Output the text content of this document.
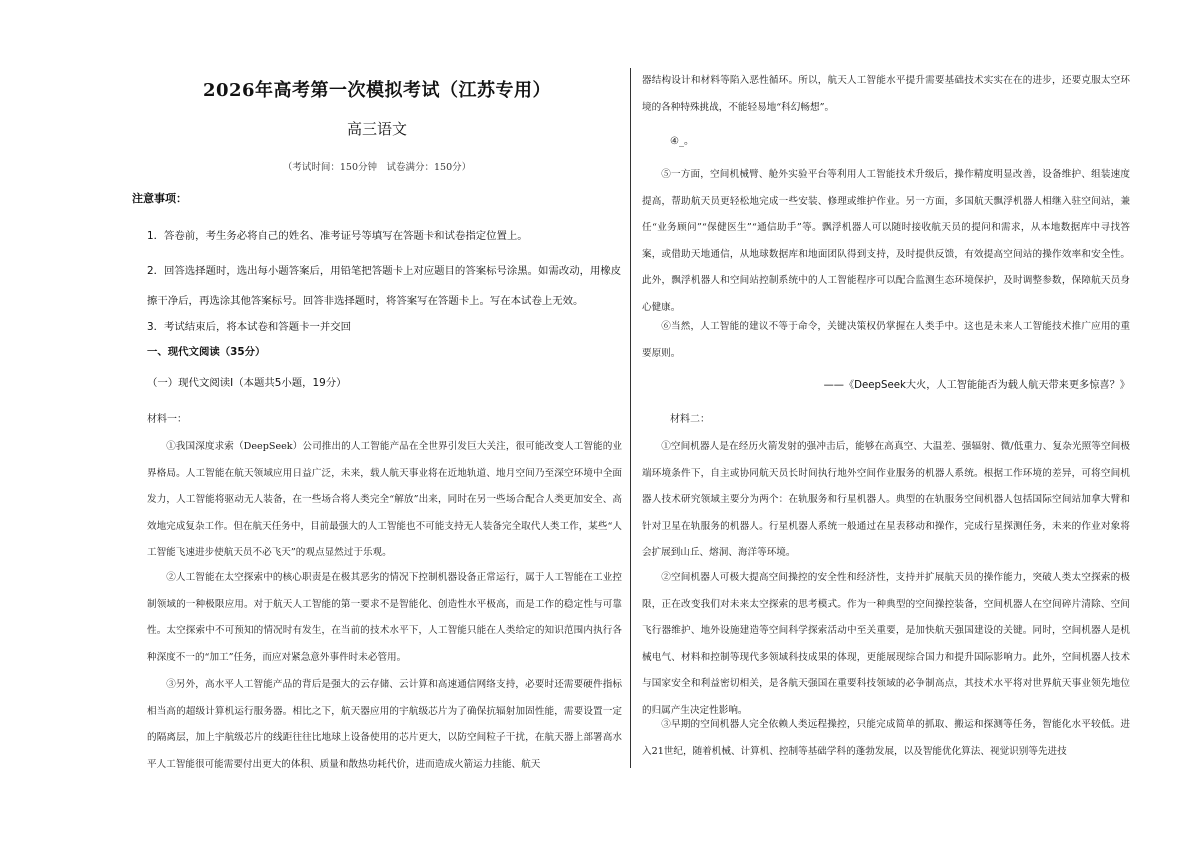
2026年高考第一次模拟考试（江苏专用）
高三语文
（考试时间：150分钟　试卷满分：150分）
注意事项：
1．答卷前，考生务必将自己的姓名、准考证号等填写在答题卡和试卷指定位置上。
2．回答选择题时，选出每小题答案后，用铅笔把答题卡上对应题目的答案标号涂黑。如需改动，用橡皮擦干净后，再选涂其他答案标号。回答非选择题时，将答案写在答题卡上。写在本试卷上无效。
3．考试结束后，将本试卷和答题卡一并交回
一、现代文阅读（35分）
（一）现代文阅读Ⅰ（本题共5小题，19分）
材料一：

①我国深度求索（DeepSeek）公司推出的人工智能产品在全世界引发巨大关注，很可能改变人工智能的业界格局。人工智能在航天领域应用日益广泛，未来，载人航天事业将在近地轨道、地月空间乃至深空环境中全面发力，人工智能将驱动无人装备，在一些场合将人类完全“解放”出来，同时在另一些场合配合人类更加安全、高效地完成复杂工作。但在航天任务中，目前最强大的人工智能也不可能支持无人装备完全取代人类工作，某些“人工智能飞速进步使航天员不必飞天”的观点显然过于乐观。

②人工智能在太空探索中的核心职责是在极其恶劣的情况下控制机器设备正常运行，属于人工智能在工业控制领域的一种极限应用。对于航天人工智能的第一要求不是智能化、创造性水平极高，而是工作的稳定性与可靠性。太空探索中不可预知的情况时有发生，在当前的技术水平下，人工智能只能在人类给定的知识范围内执行各种深度不一的“加工”任务，而应对紧急意外事件时未必管用。

③另外，高水平人工智能产品的背后是强大的云存储、云计算和高速通信网络支持，必要时还需要硬件指标相当高的超级计算机运行服务器。相比之下，航天器应用的宇航级芯片为了确保抗辐射加固性能，需要设置一定的隔离层，加上宇航级芯片的线距往往比地球上设备使用的芯片更大，以防空间粒子干扰，在航天器上部署高水平人工智能很可能需要付出更大的体积、质量和散热功耗代价，进而造成火箭运力挂能、航天

器结构设计和材料等陷入恶性循环。所以，航天人工智能水平提升需要基础技术实实在在的进步，还要克服太空环境的各种特殊挑战，不能轻易地“科幻畅想”。

④_。

⑤一方面，空间机械臂、舱外实验平台等利用人工智能技术升级后，操作精度明显改善，设备维护、组装速度提高，帮助航天员更轻松地完成一些安装、修理或维护作业。另一方面，多国航天飘浮机器人相继入驻空间站，兼任“业务顾问”“保健医生”“通信助手”等。飘浮机器人可以随时接收航天员的提问和需求，从本地数据库中寻找答案，或借助天地通信，从地球数据库和地面团队得到支持，及时提供反馈，有效提高空间站的操作效率和安全性。此外，飘浮机器人和空间站控制系统中的人工智能程序可以配合监测生态环境保护，及时调整参数，保障航天员身心健康。

⑥当然，人工智能的建议不等于命令，关键决策权仍掌握在人类手中。这也是未来人工智能技术推广应用的重要原则。

——《DeepSeek大火，人工智能能否为载人航天带来更多惊喜？》
材料二：

①空间机器人是在经历火箭发射的强冲击后，能够在高真空、大温差、强辐射、微/低重力、复杂光照等空间极端环境条件下，自主或协同航天员长时间执行地外空间作业服务的机器人系统。根据工作环境的差异，可将空间机器人技术研究领域主要分为两个：在轨服务和行星机器人。典型的在轨服务空间机器人包括国际空间站加拿大臂和针对卫星在轨服务的机器人。行星机器人系统一般通过在星表移动和操作，完成行星探测任务，未来的作业对象将会扩展到山丘、熔洞、海洋等环境。

②空间机器人可极大提高空间操控的安全性和经济性，支持并扩展航天员的操作能力，突破人类太空探索的极限，正在改变我们对未来太空探索的思考模式。作为一种典型的空间操控装备，空间机器人在空间碎片清除、空间飞行器维护、地外设施建造等空间科学探索活动中至关重要，是加快航天强国建设的关键。同时，空间机器人是机械电气、材料和控制等现代多领域科技成果的体现，更能展现综合国力和提升国际影响力。此外，空间机器人技术与国家安全和利益密切相关，是各航天强国在重要科技领域的必争制高点，其技术水平将对世界航天事业领先地位的归属产生决定性影响。

③早期的空间机器人完全依赖人类远程操控，只能完成简单的抓取、搬运和探测等任务，智能化水平较低。进入21世纪，随着机械、计算机、控制等基础学科的蓬勃发展，以及智能优化算法、视觉识别等先进技
